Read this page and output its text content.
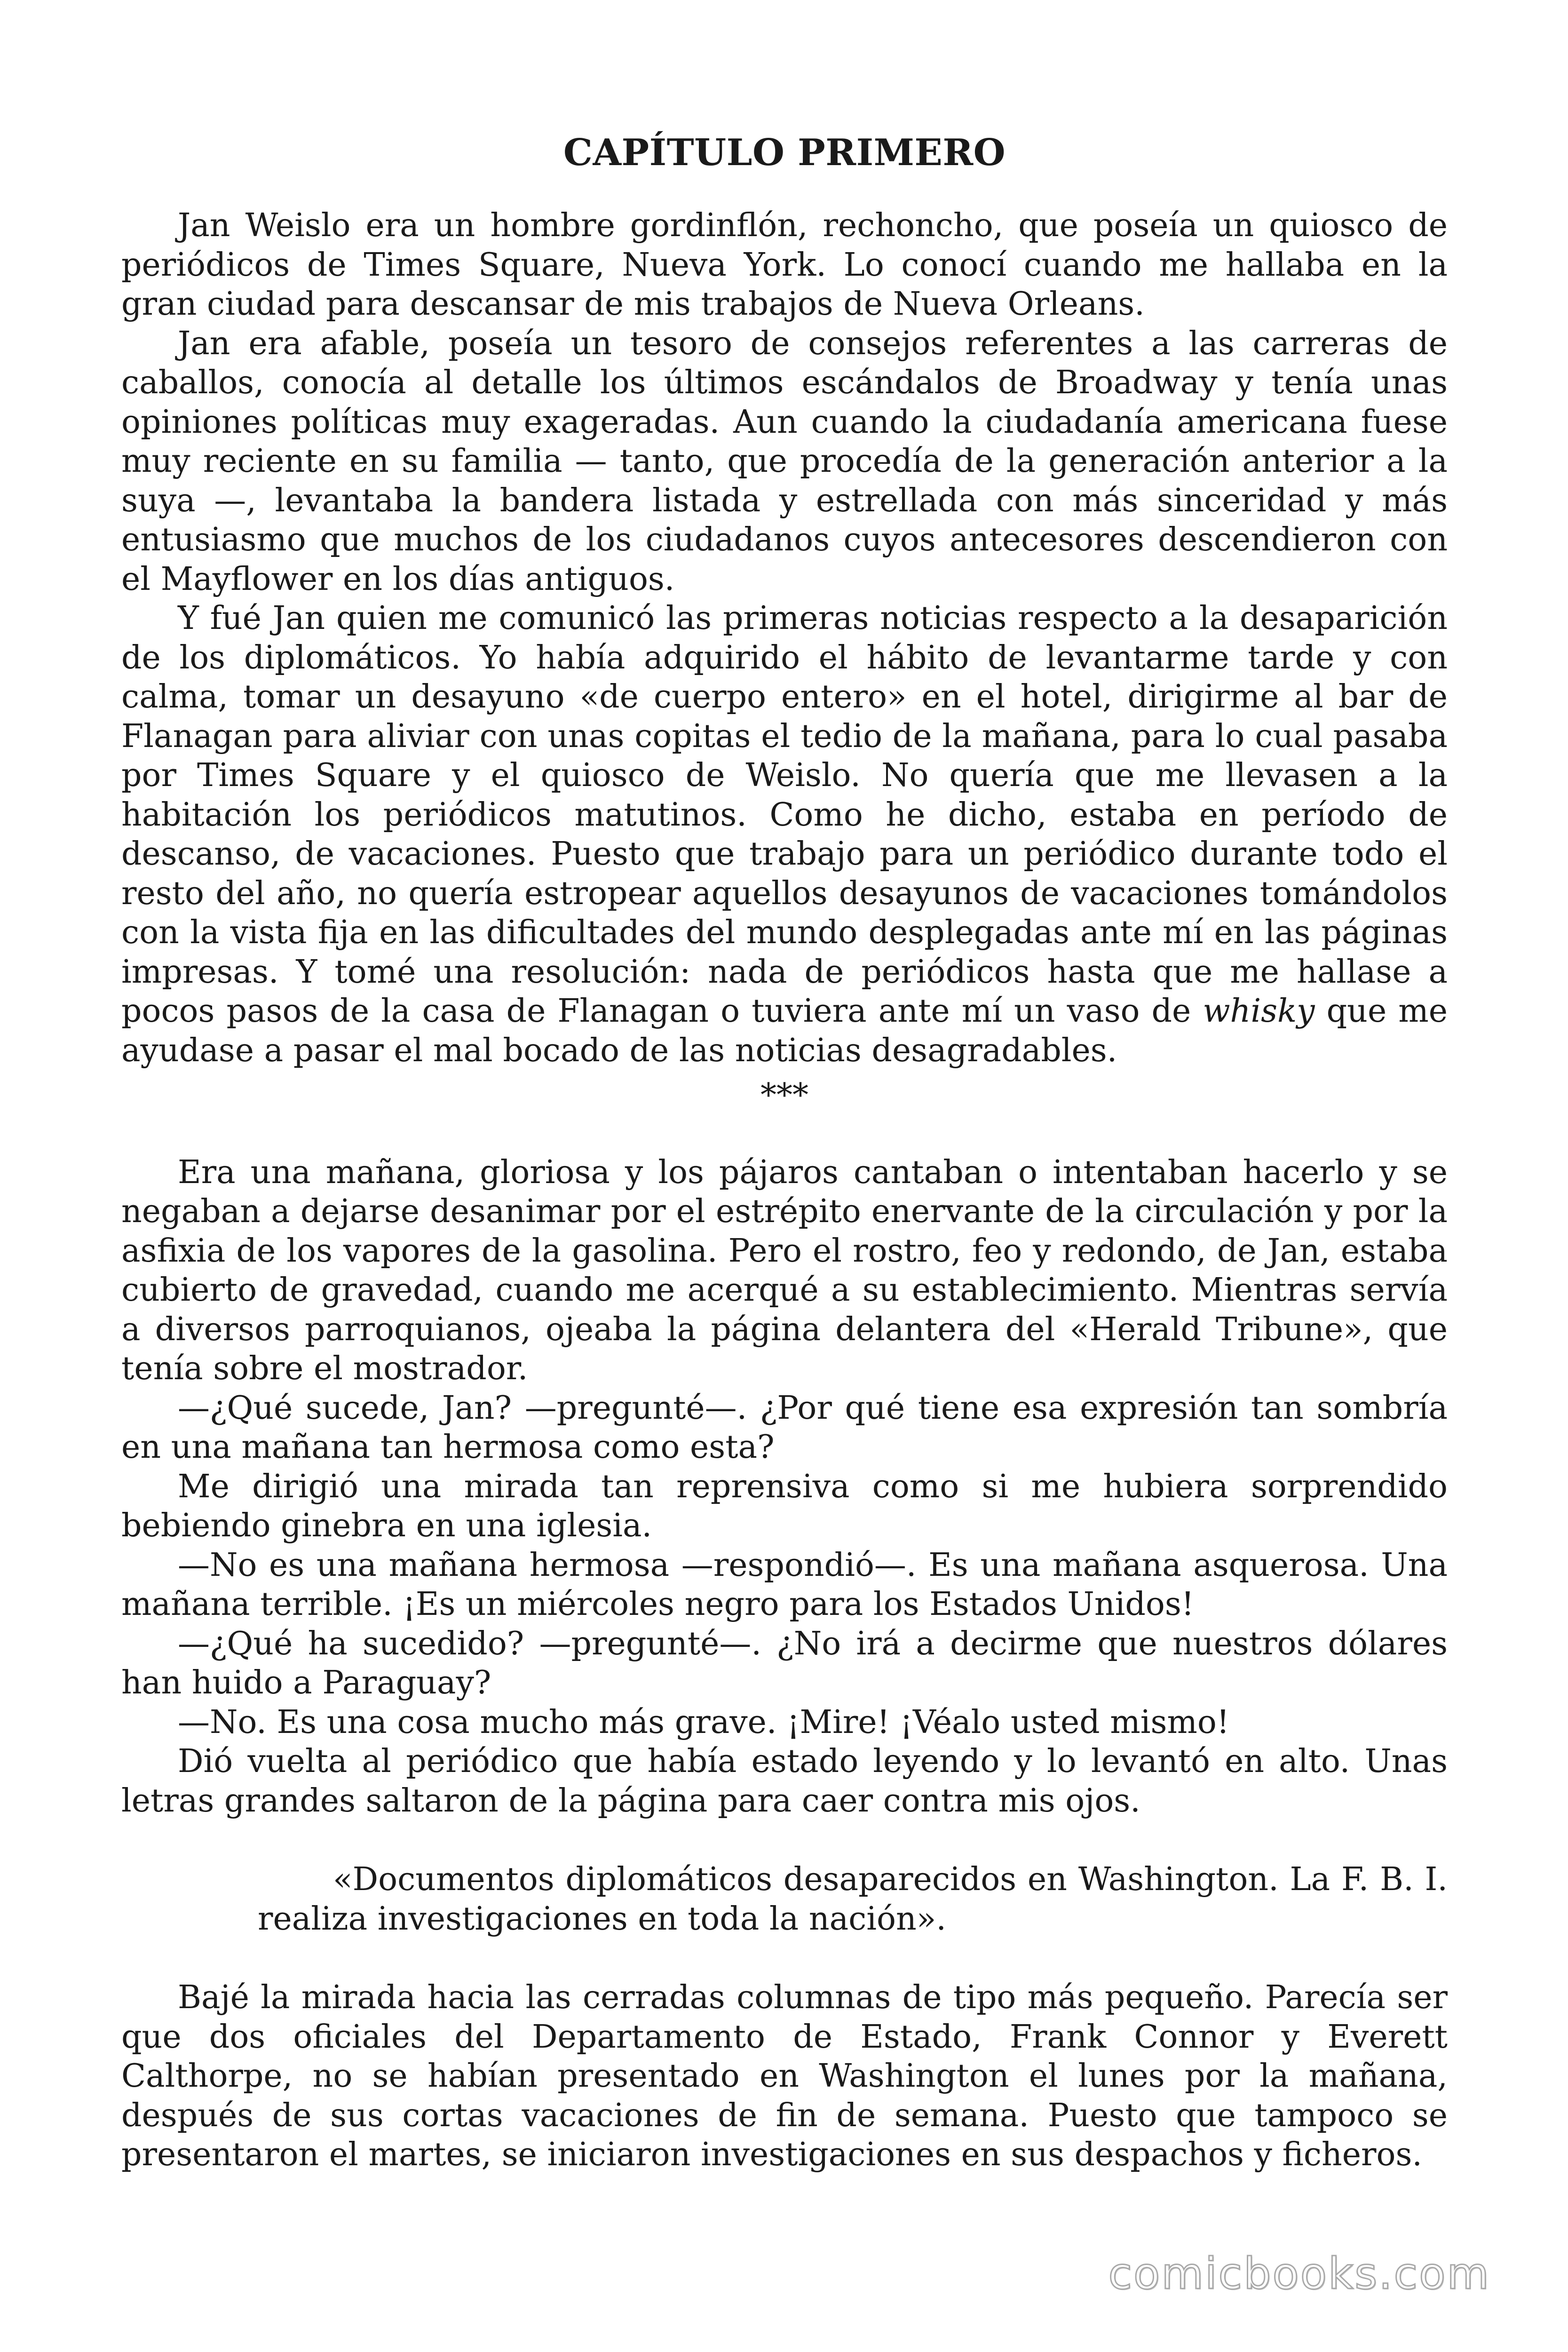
CAPÍTULO PRIMERO

Jan Weislo era un hombre gordinflón, rechoncho, que poseía un quiosco de periódicos de Times Square, Nueva York. Lo conocí cuando me hallaba en la gran ciudad para descansar de mis trabajos de Nueva Orleans.

Jan era afable, poseía un tesoro de consejos referentes a las carreras de caballos, conocía al detalle los últimos escándalos de Broadway y tenía unas opiniones políticas muy exageradas. Aun cuando la ciudadanía americana fuese muy reciente en su familia — tanto, que procedía de la generación anterior a la suya —, levantaba la bandera listada y estrellada con más sinceridad y más entusiasmo que muchos de los ciudadanos cuyos antecesores descendieron con el Mayflower en los días antiguos.

Y fué Jan quien me comunicó las primeras noticias respecto a la desaparición de los diplomáticos. Yo había adquirido el hábito de levantarme tarde y con calma, tomar un desayuno «de cuerpo entero» en el hotel, dirigirme al bar de Flanagan para aliviar con unas copitas el tedio de la mañana, para lo cual pasaba por Times Square y el quiosco de Weislo. No quería que me llevasen a la habitación los periódicos matutinos. Como he dicho, estaba en período de descanso, de vacaciones. Puesto que trabajo para un periódico durante todo el resto del año, no quería estropear aquellos desayunos de vacaciones tomándolos con la vista fija en las dificultades del mundo desplegadas ante mí en las páginas impresas. Y tomé una resolución: nada de periódicos hasta que me hallase a pocos pasos de la casa de Flanagan o tuviera ante mí un vaso de whisky que me ayudase a pasar el mal bocado de las noticias desagradables.

***

Era una mañana, gloriosa y los pájaros cantaban o intentaban hacerlo y se negaban a dejarse desanimar por el estrépito enervante de la circulación y por la asfixia de los vapores de la gasolina. Pero el rostro, feo y redondo, de Jan, estaba cubierto de gravedad, cuando me acerqué a su establecimiento. Mientras servía a diversos parroquianos, ojeaba la página delantera del «Herald Tribune», que tenía sobre el mostrador.

—¿Qué sucede, Jan? —pregunté—. ¿Por qué tiene esa expresión tan sombría en una mañana tan hermosa como esta?

Me dirigió una mirada tan reprensiva como si me hubiera sorprendido bebiendo ginebra en una iglesia.

—No es una mañana hermosa —respondió—. Es una mañana asquerosa. Una mañana terrible. ¡Es un miércoles negro para los Estados Unidos!

—¿Qué ha sucedido? —pregunté—. ¿No irá a decirme que nuestros dólares han huido a Paraguay?

—No. Es una cosa mucho más grave. ¡Mire! ¡Véalo usted mismo!

Dió vuelta al periódico que había estado leyendo y lo levantó en alto. Unas letras grandes saltaron de la página para caer contra mis ojos.

«Documentos diplomáticos desaparecidos en Washington. La F. B. I. realiza investigaciones en toda la nación».

Bajé la mirada hacia las cerradas columnas de tipo más pequeño. Parecía ser que dos oficiales del Departamento de Estado, Frank Connor y Everett Calthorpe, no se habían presentado en Washington el lunes por la mañana, después de sus cortas vacaciones de fin de semana. Puesto que tampoco se presentaron el martes, se iniciaron investigaciones en sus despachos y ficheros.

comicbooks.com
